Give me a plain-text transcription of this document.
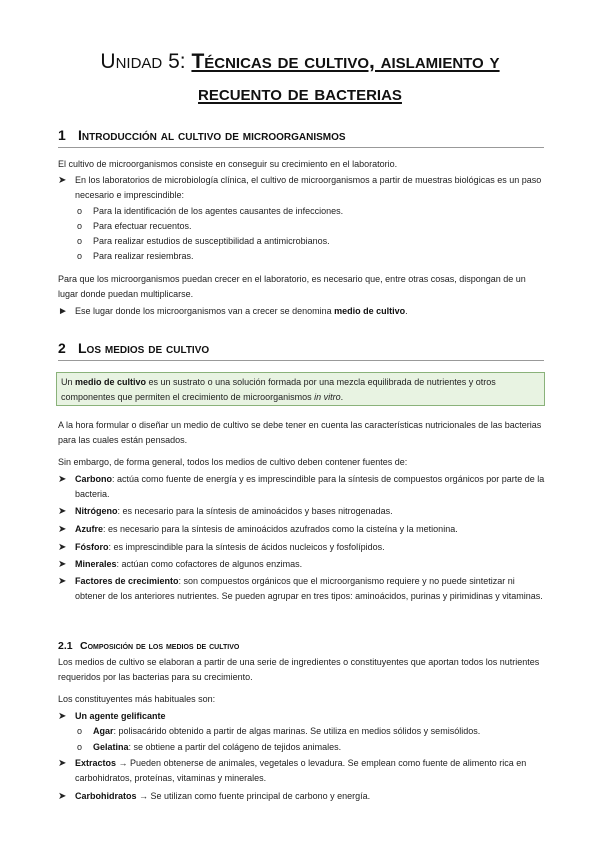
Unidad 5: Técnicas de cultivo, aislamiento y
recuento de bacterias
1 Introducción al cultivo de microorganismos
El cultivo de microorganismos consiste en conseguir su crecimiento en el laboratorio.
➤ En los laboratorios de microbiología clínica, el cultivo de microorganismos a partir de muestras biológicas es un paso necesario e imprescindible:
o Para la identificación de los agentes causantes de infecciones.
o Para efectuar recuentos.
o Para realizar estudios de susceptibilidad a antimicrobianos.
o Para realizar resiembras.
Para que los microorganismos puedan crecer en el laboratorio, es necesario que, entre otras cosas, dispongan de un lugar donde puedan multiplicarse.
► Ese lugar donde los microorganismos van a crecer se denomina medio de cultivo.
2 Los medios de cultivo
Un medio de cultivo es un sustrato o una solución formada por una mezcla equilibrada de nutrientes y otros componentes que permiten el crecimiento de microorganismos in vitro.
A la hora formular o diseñar un medio de cultivo se debe tener en cuenta las características nutricionales de las bacterias para las cuales están pensados.
Sin embargo, de forma general, todos los medios de cultivo deben contener fuentes de:
➤ Carbono: actúa como fuente de energía y es imprescindible para la síntesis de compuestos orgánicos por parte de la bacteria.
➤ Nitrógeno: es necesario para la síntesis de aminoácidos y bases nitrogenadas.
➤ Azufre: es necesario para la síntesis de aminoácidos azufrados como la cisteína y la metionina.
➤ Fósforo: es imprescindible para la síntesis de ácidos nucleicos y fosfolípidos.
➤ Minerales: actúan como cofactores de algunos enzimas.
➤ Factores de crecimiento: son compuestos orgánicos que el microorganismo requiere y no puede sintetizar ni obtener de los anteriores nutrientes. Se pueden agrupar en tres tipos: aminoácidos, purinas y pirimidinas y vitaminas.
2.1 Composición de los medios de cultivo
Los medios de cultivo se elaboran a partir de una serie de ingredientes o constituyentes que aportan todos los nutrientes requeridos por las bacterias para su crecimiento.
Los constituyentes más habituales son:
➤ Un agente gelificante
o Agar: polisacárido obtenido a partir de algas marinas. Se utiliza en medios sólidos y semisólidos.
o Gelatina: se obtiene a partir del colágeno de tejidos animales.
➤ Extractos → Pueden obtenerse de animales, vegetales o levadura. Se emplean como fuente de alimento rica en carbohidratos, proteínas, vitaminas y minerales.
➤ Carbohidratos → Se utilizan como fuente principal de carbono y energía.
